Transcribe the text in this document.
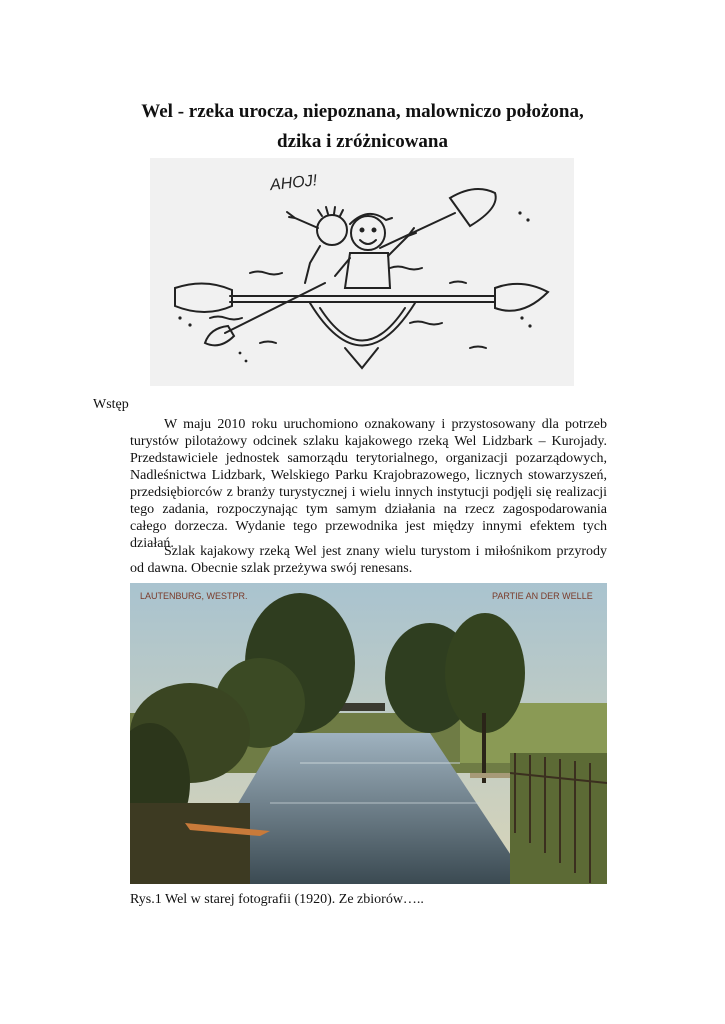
Wel - rzeka urocza, niepoznana, malowniczo położona,
dzika i zróżnicowana
AHOJ!
Wstęp

W maju 2010 roku uruchomiono oznakowany i przystosowany dla potrzeb turystów pilotażowy odcinek szlaku kajakowego rzeką Wel Lidzbark – Kurojady. Przedstawiciele jednostek samorządu terytorialnego, organizacji pozarządowych, Nadleśnictwa Lidzbark, Welskiego Parku Krajobrazowego, licznych stowarzyszeń, przedsiębiorców z branży turystycznej i wielu innych instytucji podjęli się realizacji tego zadania, rozpoczynając tym samym działania na rzecz zagospodarowania całego dorzecza. Wydanie tego przewodnika jest między innymi efektem tych działań.

Szlak kajakowy rzeką Wel jest znany wielu turystom i miłośnikom przyrody od dawna. Obecnie szlak przeżywa swój renesans.

LAUTENBURG, WESTPR.	PARTIE AN DER WELLE

Rys.1 Wel w starej fotografii (1920). Ze zbiorów…..
